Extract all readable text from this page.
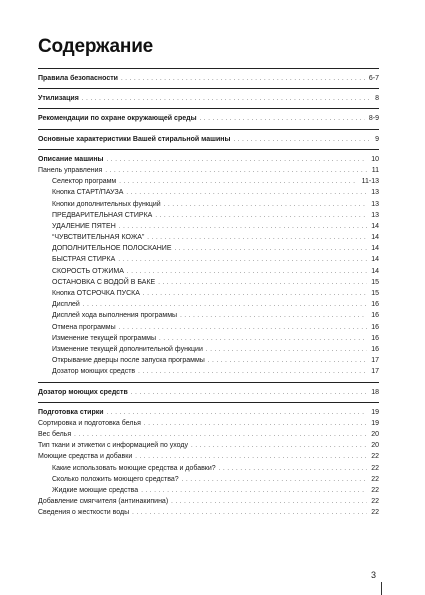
Содержание
Правила безопасности . . .	6-7
Утилизация . . .	8
Рекомендации по охране окружающей среды . . .	8-9
Основные характеристики Вашей стиральной машины . . .	9
Описание машины . . .	10
Панель управления . . .	11
Селектор программ . . .	11-13
Кнопка СТАРТ/ПАУЗА . . .	13
Кнопки дополнительных функций . . .	13
ПРЕДВАРИТЕЛЬНАЯ СТИРКА . . .	13
УДАЛЕНИЕ ПЯТЕН . . .	14
“ЧУВСТВИТЕЛЬНАЯ КОЖА” . . .	14
ДОПОЛНИТЕЛЬНОЕ ПОЛОСКАНИЕ . . .	14
БЫСТРАЯ СТИРКА . . .	14
СКОРОСТЬ ОТЖИМА . . .	14
ОСТАНОВКА С ВОДОЙ В БАКЕ . . .	15
Кнопка ОТСРОЧКА ПУСКА . . .	15
Дисплей . . .	16
Дисплей хода выполнения программы . . .	16
Отмена программы . . .	16
Изменение текущей программы . . .	16
Изменение текущей дополнительной функции . . .	16
Открывание дверцы после запуска программы . . .	17
Дозатор моющих средств . . .	17
Дозатор моющих средств . . .	18
Подготовка стирки . . .	19
Сортировка и подготовка белья . . .	19
Вес белья . . .	20
Тип ткани и этикетки с информацией по уходу . . .	20
Моющие средства и добавки . . .	22
Какие использовать моющие средства и добавки? . . .	22
Сколько положить моющего средства? . . .	22
Жидкие моющие средства . . .	22
Добавление смягчителя (антинакипина) . . .	22
Сведения о жесткости воды . . .	22
3
